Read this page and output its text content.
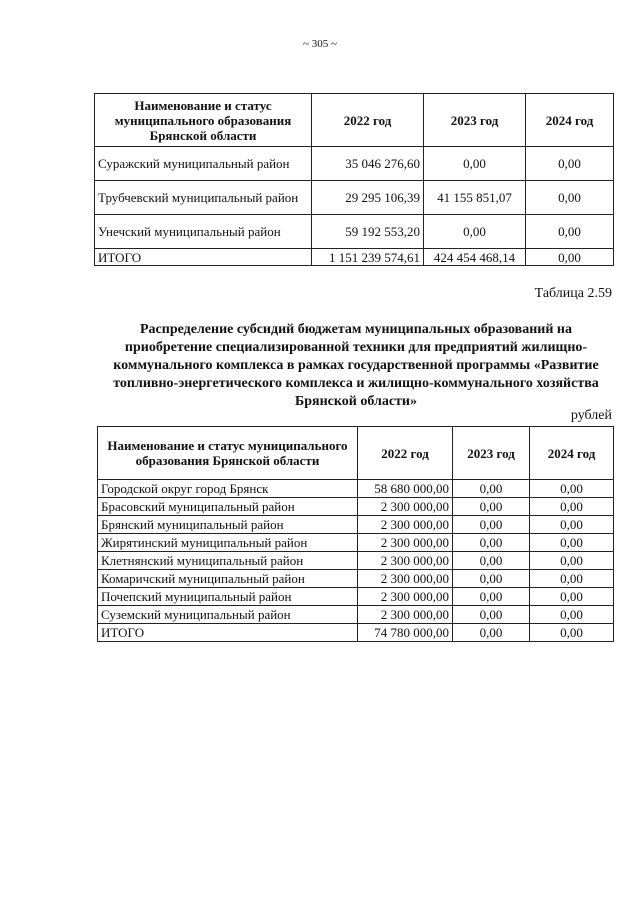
~ 305 ~
Наименование и статус муниципального образования Брянской области	2022 год	2023 год	2024 год
Суражский муниципальный район	35 046 276,60	0,00	0,00
Трубчевский муниципальный район	29 295 106,39	41 155 851,07	0,00
Унечский муниципальный район	59 192 553,20	0,00	0,00
ИТОГО	1 151 239 574,61	424 454 468,14	0,00
Таблица 2.59
Распределение субсидий бюджетам муниципальных образований на приобретение специализированной техники для предприятий жилищно-коммунального комплекса в рамках государственной программы «Развитие топливно-энергетического комплекса и жилищно-коммунального хозяйства Брянской области»
рублей
Наименование и статус муниципального образования Брянской области	2022 год	2023 год	2024 год
Городской округ город Брянск	58 680 000,00	0,00	0,00
Брасовский муниципальный район	2 300 000,00	0,00	0,00
Брянский муниципальный район	2 300 000,00	0,00	0,00
Жирятинский муниципальный район	2 300 000,00	0,00	0,00
Клетнянский муниципальный район	2 300 000,00	0,00	0,00
Комаричский муниципальный район	2 300 000,00	0,00	0,00
Почепский муниципальный район	2 300 000,00	0,00	0,00
Суземский муниципальный район	2 300 000,00	0,00	0,00
ИТОГО	74 780 000,00	0,00	0,00
